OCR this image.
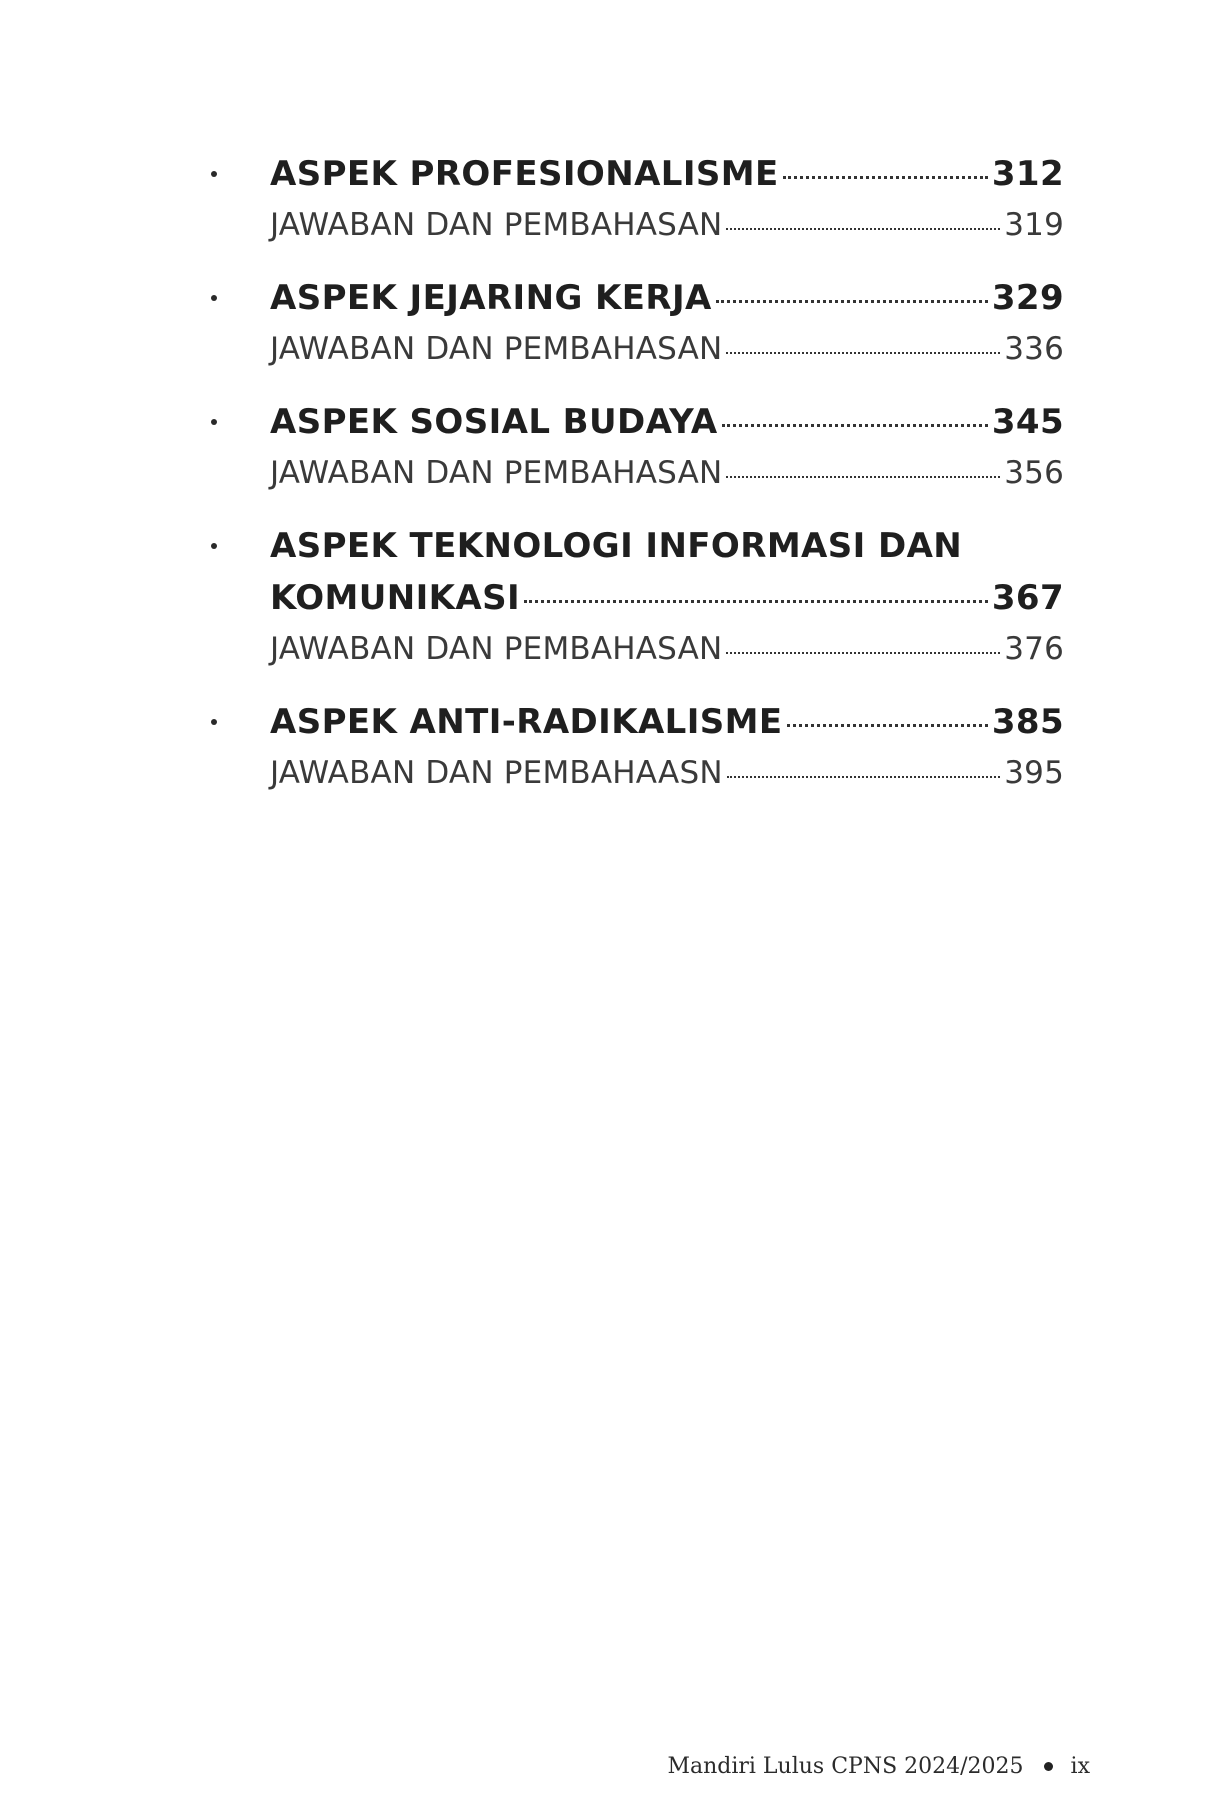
ASPEK PROFESIONALISME	312
JAWABAN DAN PEMBAHASAN	319
ASPEK JEJARING KERJA	329
JAWABAN DAN PEMBAHASAN	336
ASPEK SOSIAL BUDAYA	345
JAWABAN DAN PEMBAHASAN	356
ASPEK TEKNOLOGI INFORMASI DAN
KOMUNIKASI	367
JAWABAN DAN PEMBAHASAN	376
ASPEK ANTI-RADIKALISME	385
JAWABAN DAN PEMBAHAASN	395
Mandiri Lulus CPNS 2024/2025 ix
